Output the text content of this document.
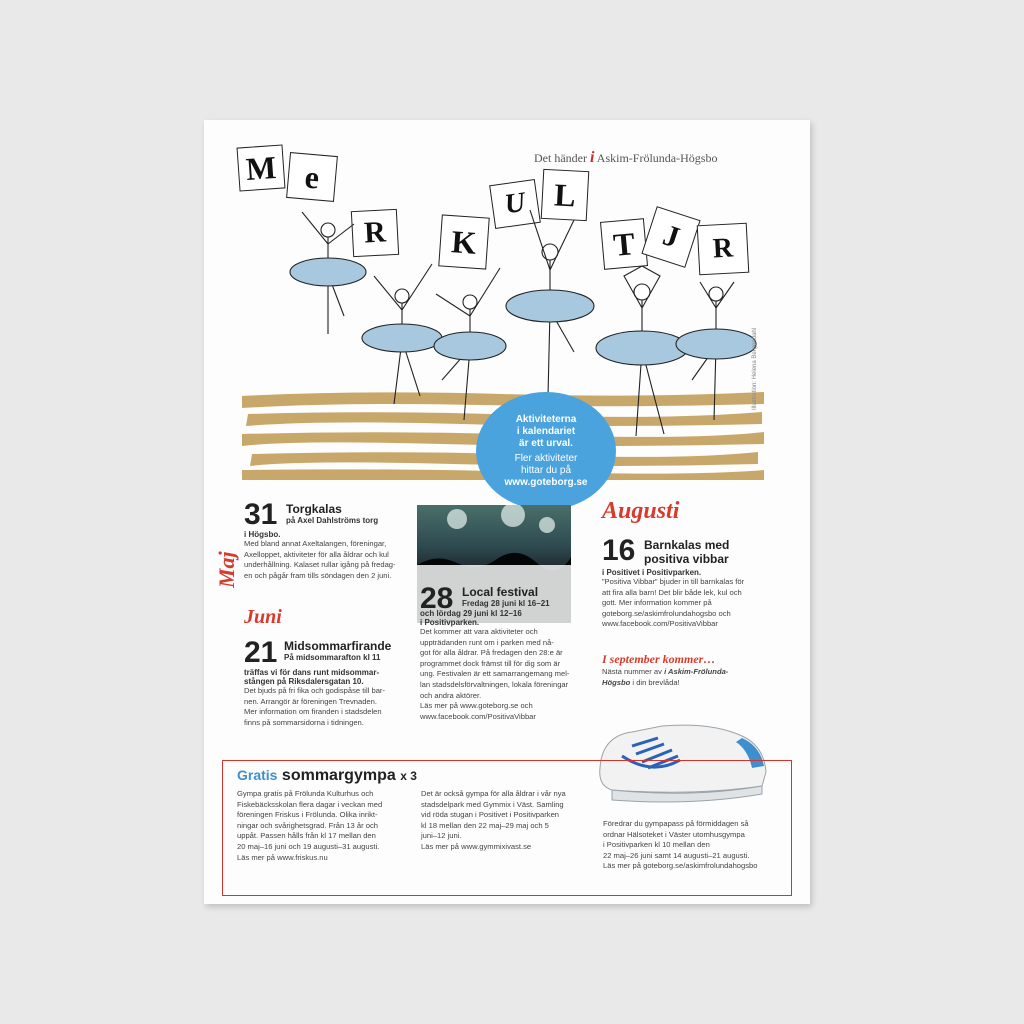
Det händer i Askim-Frölunda-Högsbo
M e
R K
U L
T J R
Aktiviteterna
i kalendariet
är ett urval.
Fler aktiviteter
hittar du på
www.goteborg.se
Illustration: Helena Bergendahl
Maj
31 Torgkalas
på Axel Dahlströms torg
i Högsbo.
Med bland annat Axeltalangen, föreningar,
Axelloppet, aktiviteter för alla åldrar och kul
underhållning. Kalaset rullar igång på fredag-
en och pågår fram tills söndagen den 2 juni.
Juni
21 Midsommarfirande
På midsommarafton kl 11
träffas vi för dans runt midsommar-
stången på Riksdalersgatan 10.
Det bjuds på fri fika och godispåse till bar-
nen. Arrangör är föreningen Trevnaden.
Mer information om firanden i stadsdelen
finns på sommarsidorna i tidningen.
28 Local festival
Fredag 28 juni kl 16–21
och lördag 29 juni kl 12–16
i Positivparken.
Det kommer att vara aktiviteter och
uppträdanden runt om i parken med nå-
got för alla åldrar. På fredagen den 28:e är
programmet dock främst till för dig som är
ung. Festivalen är ett samarrangemang mel-
lan stadsdelsförvaltningen, lokala föreningar
och andra aktörer.
Läs mer på www.goteborg.se och
www.facebook.com/PositivaVibbar
Augusti
16 Barnkalas med
positiva vibbar
i Positivet i Positivparken.
”Positiva Vibbar” bjuder in till barnkalas för
att fira alla barn! Det blir både lek, kul och
gott. Mer information kommer på
goteborg.se/askimfrolundahogsbo och
www.facebook.com/PositivaVibbar
I september kommer…
Nästa nummer av i Askim-Frölunda-
Högsbo i din brevlåda!
Gratis sommargympa x 3
Gympa gratis på Frölunda Kulturhus och
Fiskebäcksskolan flera dagar i veckan med
föreningen Friskus i Frölunda. Olika inrikt-
ningar och svårighetsgrad. Från 13 år och
uppåt. Passen hålls från kl 17 mellan den
20 maj–16 juni och 19 augusti–31 augusti.
Läs mer på www.friskus.nu
Det är också gympa för alla åldrar i vår nya
stadsdelpark med Gymmix i Väst. Samling
vid röda stugan i Positivet i Positivparken
kl 18 mellan den 22 maj–29 maj och 5
juni–12 juni.
Läs mer på www.gymmixivast.se
Föredrar du gympapass på förmiddagen så
ordnar Hälsoteket i Väster utomhusgympa
i Positivparken kl 10 mellan den
22 maj–26 juni samt 14 augusti–21 augusti.
Läs mer på goteborg.se/askimfrolundahogsbo
